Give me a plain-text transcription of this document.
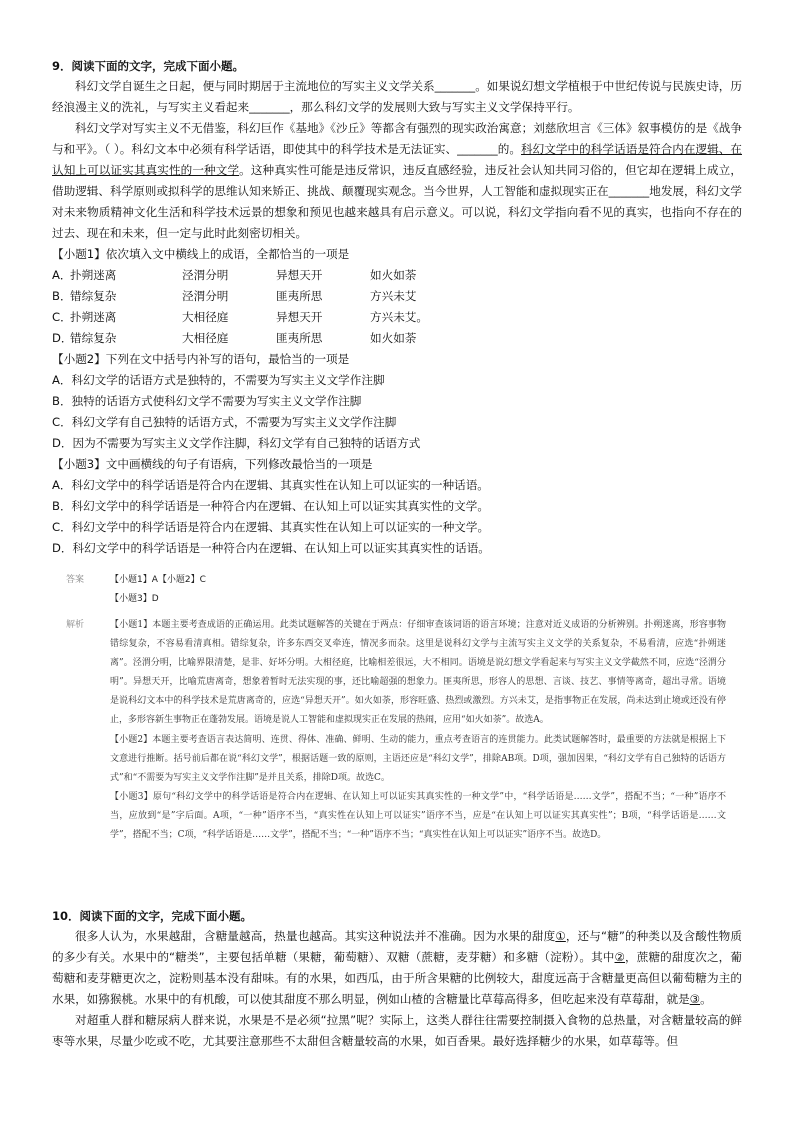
9．阅读下面的文字，完成下面小题。

科幻文学自诞生之日起，便与同时期居于主流地位的写实主义文学关系_______。如果说幻想文学植根于中世纪传说与民族史诗，历经浪漫主义的洗礼，与写实主义看起来_______，那么科幻文学的发展则大致与写实主义文学保持平行。

科幻文学对写实主义不无借鉴，科幻巨作《基地》《沙丘》等都含有强烈的现实政治寓意；刘慈欣坦言《三体》叙事模仿的是《战争与和平》。（ ）。科幻文本中必须有科学话语，即使其中的科学技术是无法证实、_______的。科幻文学中的科学话语是符合内在逻辑、在认知上可以证实其真实性的一种文学。这种真实性可能是违反常识，违反直感经验，违反社会认知共同习俗的，但它却在逻辑上成立，借助逻辑、科学原则或拟科学的思维认知来矫正、挑战、颠覆现实观念。当今世界，人工智能和虚拟现实正在_______地发展，科幻文学对未来物质精神文化生活和科学技术远景的想象和预见也越来越具有启示意义。可以说，科幻文学指向看不见的真实，也指向不存在的过去、现在和未来，但一定与此时此刻密切相关。

【小题1】依次填入文中横线上的成语，全都恰当的一项是

A．扑朔迷离	泾渭分明	异想天开	如火如荼

B．错综复杂	泾渭分明	匪夷所思	方兴未艾

C．扑朔迷离	大相径庭	异想天开	方兴未艾。

D．错综复杂	大相径庭	匪夷所思	如火如荼

【小题2】下列在文中括号内补写的语句，最恰当的一项是

A．科幻文学的话语方式是独特的，不需要为写实主义文学作注脚

B．独特的话语方式使科幻文学不需要为写实主义文学作注脚

C．科幻文学有自己独特的话语方式，不需要为写实主义文学作注脚

D．因为不需要为写实主义文学作注脚，科幻文学有自己独特的话语方式

【小题3】文中画横线的句子有语病，下列修改最恰当的一项是

A．科幻文学中的科学话语是符合内在逻辑、其真实性在认知上可以证实的一种话语。

B．科幻文学中的科学话语是一种符合内在逻辑、在认知上可以证实其真实性的文学。

C．科幻文学中的科学话语是符合内在逻辑、其真实性在认知上可以证实的一种文学。

D．科幻文学中的科学话语是一种符合内在逻辑、在认知上可以证实其真实性的话语。

答案	【小题1】A【小题2】C
【小题3】D
解析	【小题1】本题主要考查成语的正确运用。此类试题解答的关键在于两点：仔细审查该词语的语言环境；注意对近义成语的分析辨别。扑朔迷离，形容事物错综复杂，不容易看清真相。错综复杂，许多东西交叉牵连，情况多而杂。这里是说科幻文学与主流写实主义文学的关系复杂，不易看清，应选“扑朔迷离”。泾渭分明，比喻界限清楚，是非、好坏分明。大相径庭，比喻相差很远，大不相同。语境是说幻想文学看起来与写实主义文学截然不同，应选“泾渭分明”。异想天开，比喻荒唐离奇，想象着暂时无法实现的事，还比喻超强的想象力。匪夷所思，形容人的思想、言谈、技艺、事情等离奇，超出寻常。语境是说科幻文本中的科学技术是荒唐离奇的，应选“异想天开”。如火如荼，形容旺盛、热烈或激烈。方兴未艾，是指事物正在发展，尚未达到止境或还没有停止，多形容新生事物正在蓬勃发展。语境是说人工智能和虚拟现实正在发展的热闹，应用“如火如荼”。故选A。
【小题2】本题主要考查语言表达简明、连贯、得体、准确、鲜明、生动的能力，重点考查语言的连贯能力。此类试题解答时，最重要的方法就是根据上下文意进行推断。括号前后都在说“科幻文学”，根据话题一致的原则，主语还应是“科幻文学”，排除AB项。D项，强加因果，“科幻文学有自己独特的话语方式”和“不需要为写实主义文学作注脚”是并且关系，排除D项。故选C。
【小题3】原句“科幻文学中的科学话语是符合内在逻辑、在认知上可以证实其真实性的一种文学”中，“科学话语是……文学”，搭配不当；“一种”语序不当，应放到“是”字后面。A项，“一种”语序不当，“真实性在认知上可以证实”语序不当，应是“在认知上可以证实其真实性”；B项，“科学话语是……文学”，搭配不当；C项，“科学话语是……文学”，搭配不当；“一种”语序不当；“真实性在认知上可以证实”语序不当。故选D。

10．阅读下面的文字，完成下面小题。

很多人认为，水果越甜，含糖量越高，热量也越高。其实这种说法并不准确。因为水果的甜度①，还与“糖”的种类以及含酸性物质的多少有关。水果中的“糖类”，主要包括单糖（果糖，葡萄糖）、双糖（蔗糖，麦芽糖）和多糖（淀粉）。其中②，蔗糖的甜度次之，葡萄糖和麦芽糖更次之，淀粉则基本没有甜味。有的水果，如西瓜，由于所含果糖的比例较大，甜度远高于含糖量更高但以葡萄糖为主的水果，如猕猴桃。水果中的有机酸，可以使其甜度不那么明显，例如山楂的含糖量比草莓高得多，但吃起来没有草莓甜，就是③。

对超重人群和糖尿病人群来说，水果是不是必须“拉黑”呢？实际上，这类人群往往需要控制摄入食物的总热量，对含糖量较高的鲜枣等水果，尽量少吃或不吃，尤其要注意那些不太甜但含糖量较高的水果，如百香果。最好选择糖少的水果，如草莓等。但
